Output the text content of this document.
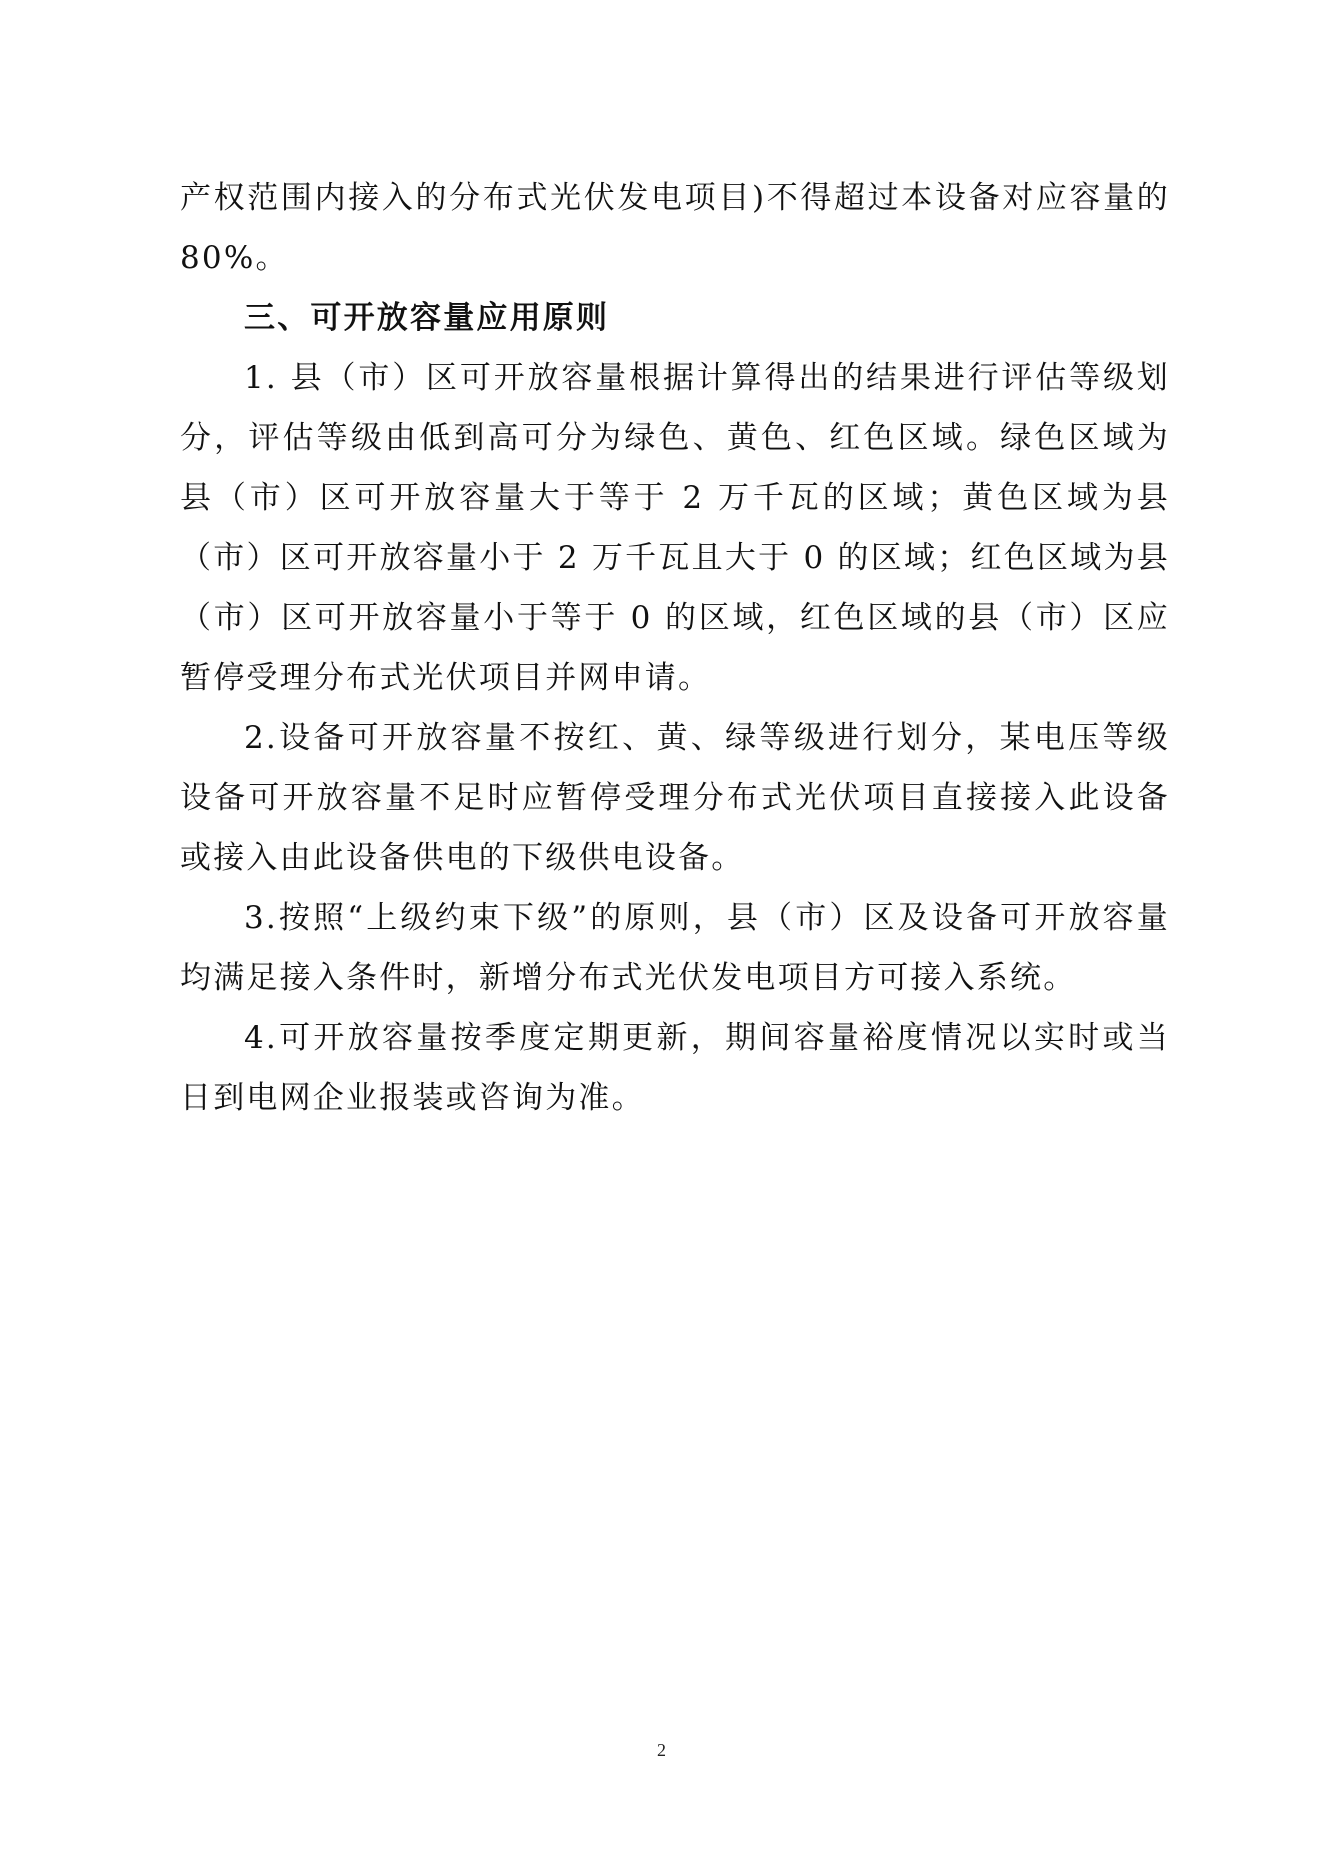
产权范围内接入的分布式光伏发电项目)不得超过本设备对应容量的 80%。

三、可开放容量应用原则

1. 县（市）区可开放容量根据计算得出的结果进行评估等级划分，评估等级由低到高可分为绿色、黄色、红色区域。绿色区域为县（市）区可开放容量大于等于 2 万千瓦的区域；黄色区域为县（市）区可开放容量小于 2 万千瓦且大于 0 的区域；红色区域为县（市）区可开放容量小于等于 0 的区域，红色区域的县（市）区应暂停受理分布式光伏项目并网申请。

2.设备可开放容量不按红、黄、绿等级进行划分，某电压等级设备可开放容量不足时应暂停受理分布式光伏项目直接接入此设备或接入由此设备供电的下级供电设备。

3.按照“上级约束下级”的原则，县（市）区及设备可开放容量均满足接入条件时，新增分布式光伏发电项目方可接入系统。

4.可开放容量按季度定期更新，期间容量裕度情况以实时或当日到电网企业报装或咨询为准。

2
